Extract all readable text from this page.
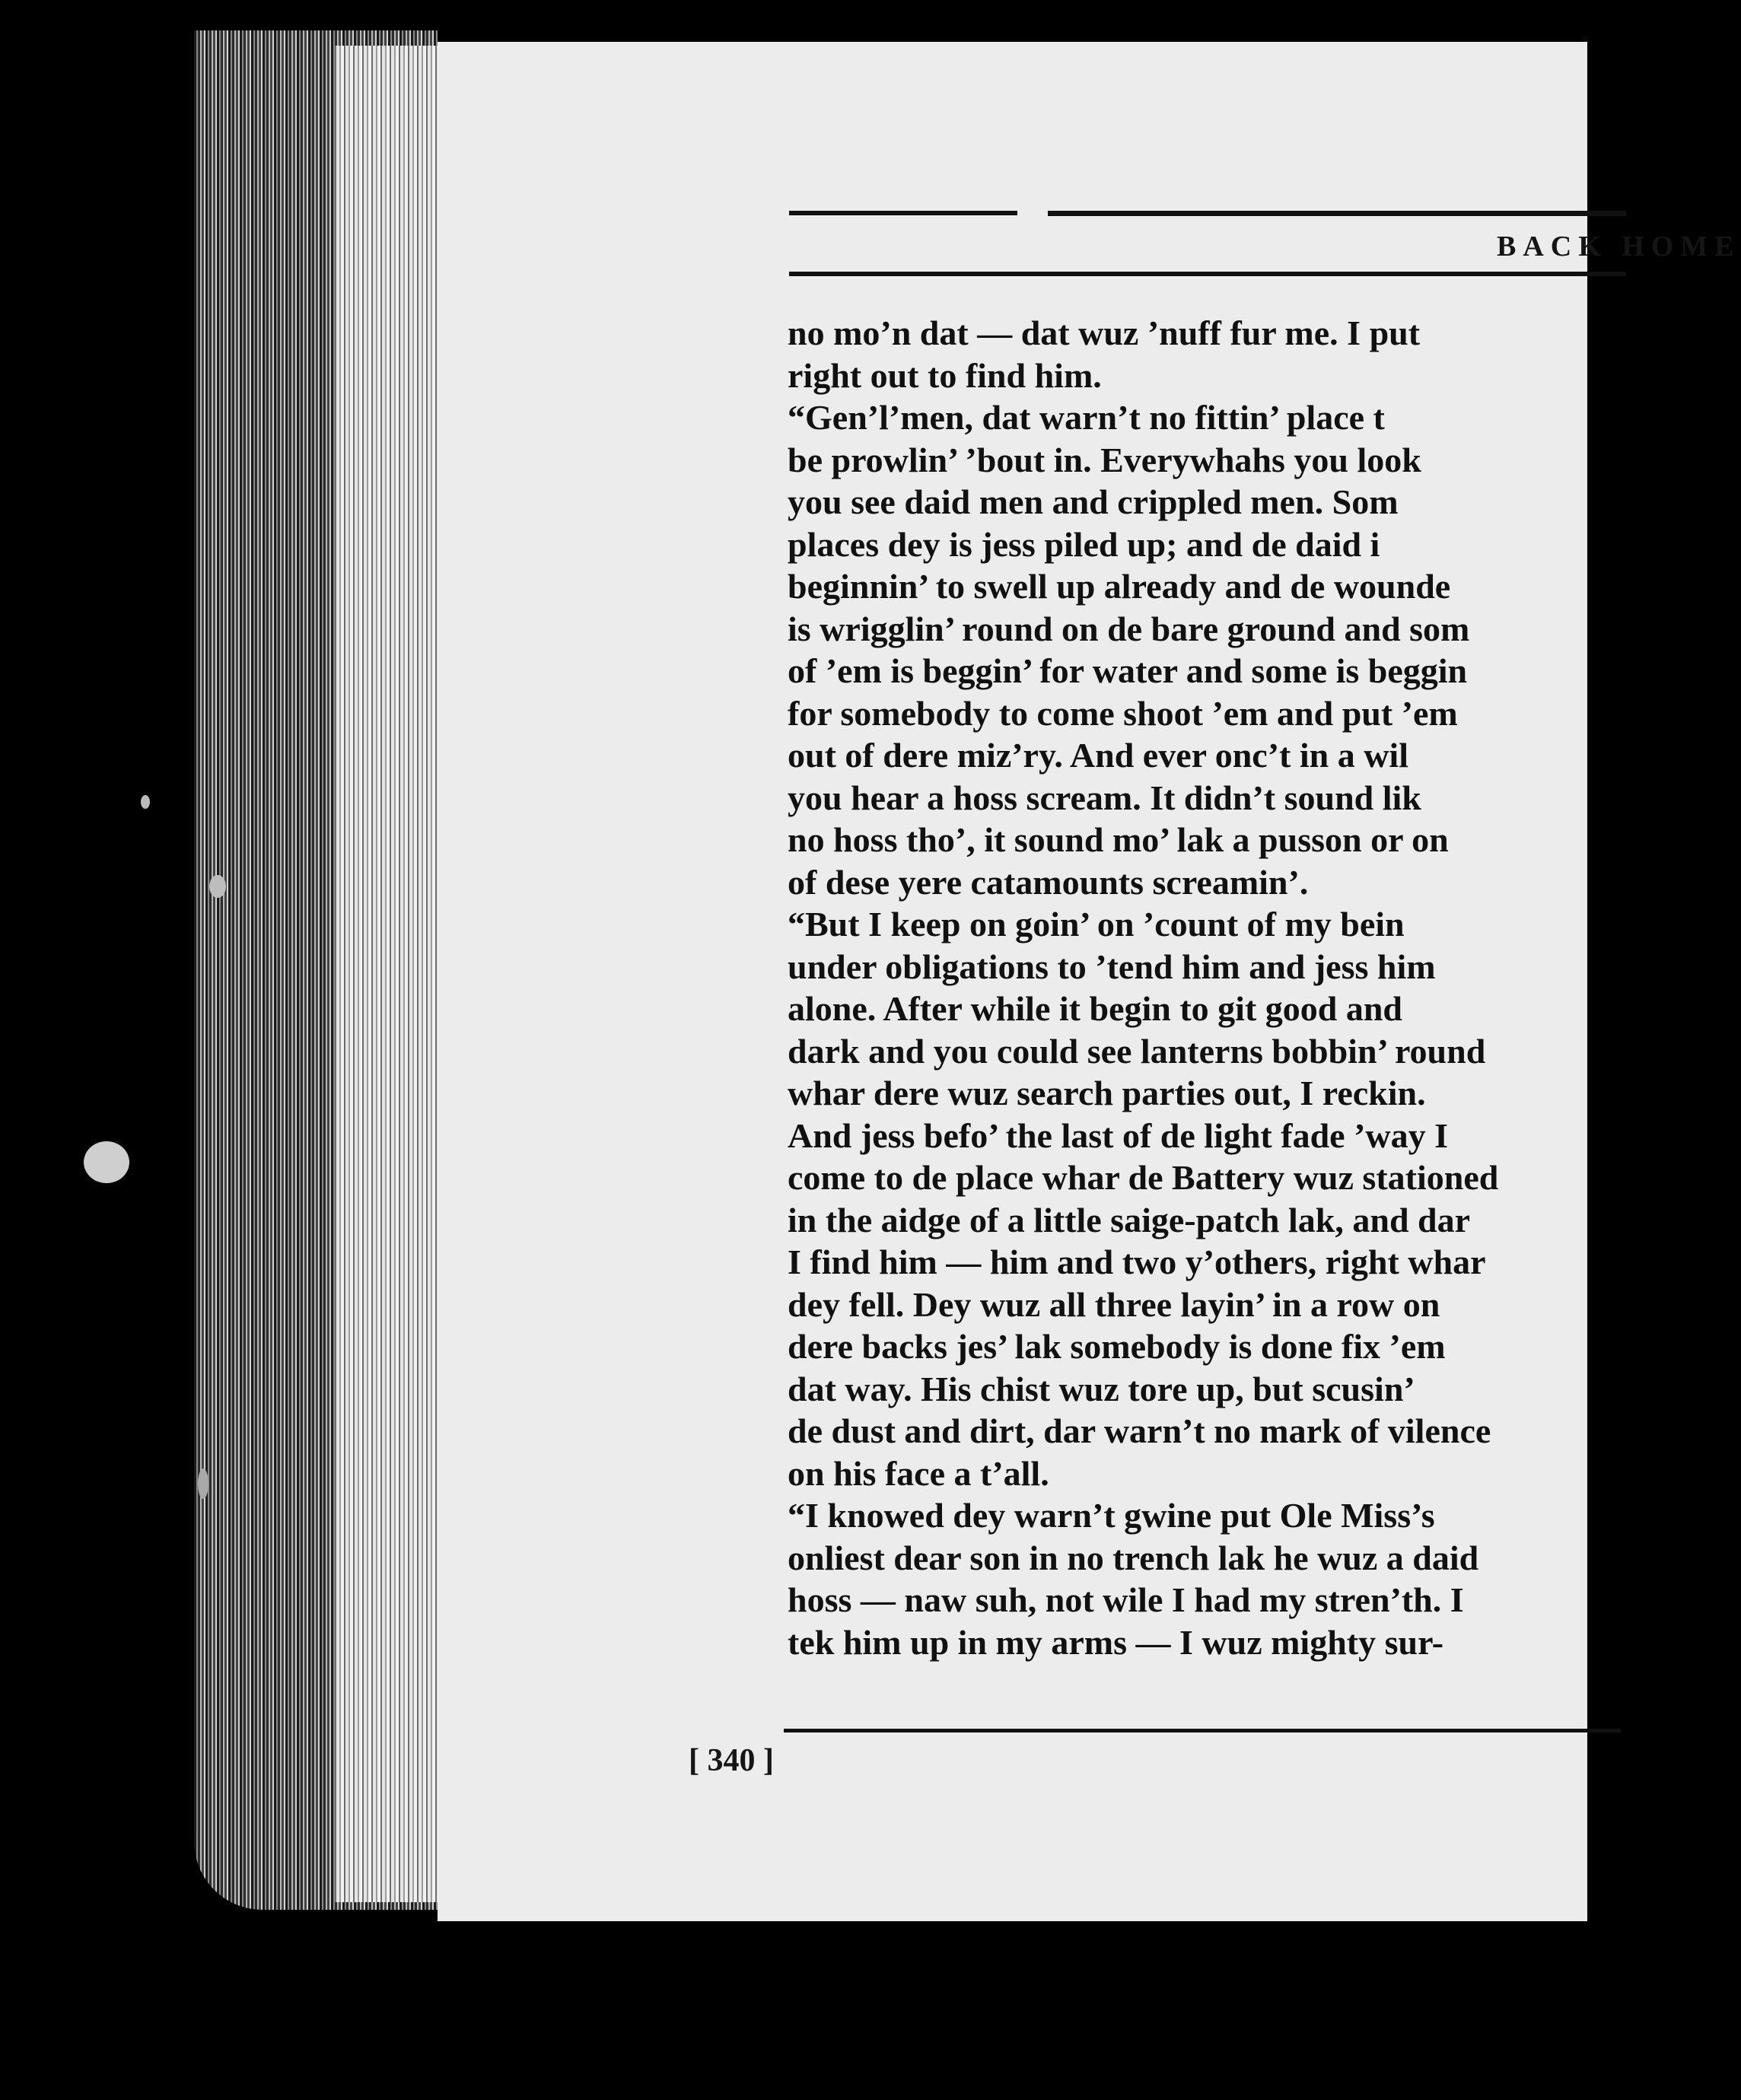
BACK HOME
no mo’n dat — dat wuz ’nuff fur me. I put
right out to find him.
“Gen’l’men, dat warn’t no fittin’ place t
be prowlin’ ’bout in. Everywhahs you look
you see daid men and crippled men. Som
places dey is jess piled up; and de daid i
beginnin’ to swell up already and de wounde
is wrigglin’ round on de bare ground and som
of ’em is beggin’ for water and some is beggin
for somebody to come shoot ’em and put ’em
out of dere miz’ry. And ever onc’t in a wil
you hear a hoss scream. It didn’t sound lik
no hoss tho’, it sound mo’ lak a pusson or on
of dese yere catamounts screamin’.
“But I keep on goin’ on ’count of my bein
under obligations to ’tend him and jess him
alone. After while it begin to git good and
dark and you could see lanterns bobbin’ round
whar dere wuz search parties out, I reckin.
And jess befo’ the last of de light fade ’way I
come to de place whar de Battery wuz stationed
in the aidge of a little saige-patch lak, and dar
I find him — him and two y’others, right whar
dey fell. Dey wuz all three layin’ in a row on
dere backs jes’ lak somebody is done fix ’em
dat way. His chist wuz tore up, but scusin’
de dust and dirt, dar warn’t no mark of vilence
on his face a t’all.
“I knowed dey warn’t gwine put Ole Miss’s
onliest dear son in no trench lak he wuz a daid
hoss — naw suh, not wile I had my stren’th. I
tek him up in my arms — I wuz mighty sur-
[ 340 ]
